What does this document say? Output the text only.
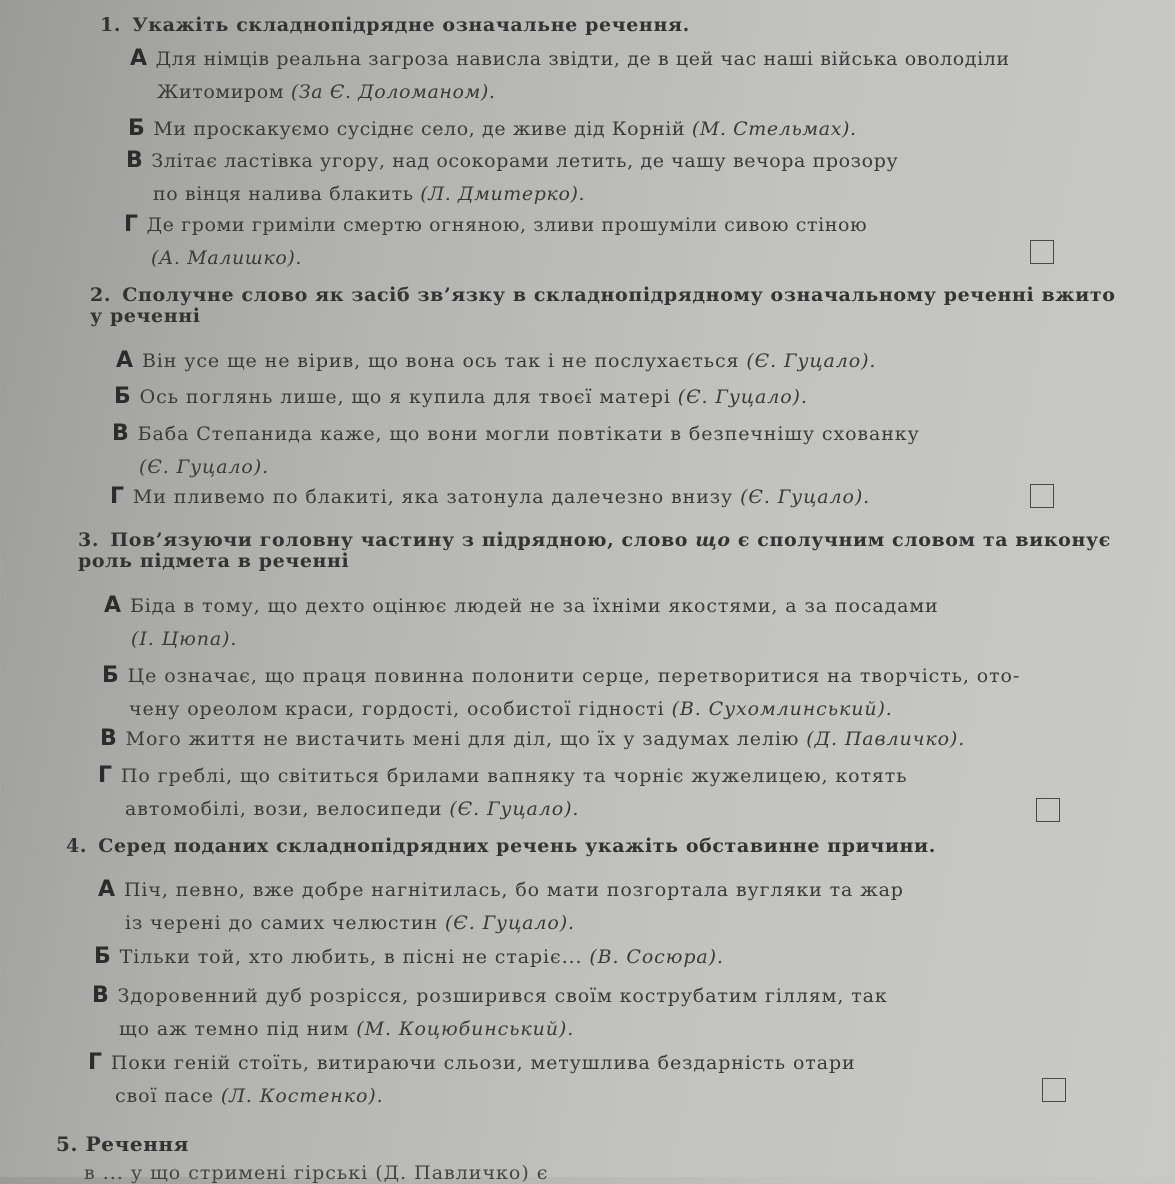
1. Укажіть складнопідрядне означальне речення.
А Для німців реальна загроза нависла звідти, де в цей час наші війська оволоділи
Житомиром (За Є. Доломаном).
Б Ми проскакуємо сусіднє село, де живе дід Корній (М. Стельмах).
В Злітає ластівка угору, над осокорами летить, де чашу вечора прозору
по вінця налива блакить (Л. Дмитерко).
Г Де громи гриміли смертю огняною, зливи прошуміли сивою стіною
(А. Малишко).
2. Сполучне слово як засіб зв’язку в складнопідрядному означальному реченні вжито
у реченні
А Він усе ще не вірив, що вона ось так і не послухається (Є. Гуцало).
Б Ось поглянь лише, що я купила для твоєї матері (Є. Гуцало).
В Баба Степанида каже, що вони могли повтікати в безпечнішу схованку
(Є. Гуцало).
Г Ми пливемо по блакиті, яка затонула далечезно внизу (Є. Гуцало).
3. Пов’язуючи головну частину з підрядною, слово що є сполучним словом та виконує
роль підмета в реченні
А Біда в тому, що дехто оцінює людей не за їхніми якостями, а за посадами
(І. Цюпа).
Б Це означає, що праця повинна полонити серце, перетворитися на творчість, ото-
чену ореолом краси, гордості, особистої гідності (В. Сухомлинський).
В Мого життя не вистачить мені для діл, що їх у задумах лелію (Д. Павличко).
Г По греблі, що світиться брилами вапняку та чорніє жужелицею, котять
автомобілі, вози, велосипеди (Є. Гуцало).
4. Серед поданих складнопідрядних речень укажіть обставинне причини.
А Піч, певно, вже добре нагнітилась, бо мати позгортала вугляки та жар
із черені до самих челюстин (Є. Гуцало).
Б Тільки той, хто любить, в пісні не старіє... (В. Сосюра).
В Здоровенний дуб розрісся, розширився своїм кострубатим гіллям, так
що аж темно під ним (М. Коцюбинський).
Г Поки геній стоїть, витираючи сльози, метушлива бездарність отари
свої пасе (Л. Костенко).
5. Речення
в ... у що стримені гірські (Д. Павличко) є
